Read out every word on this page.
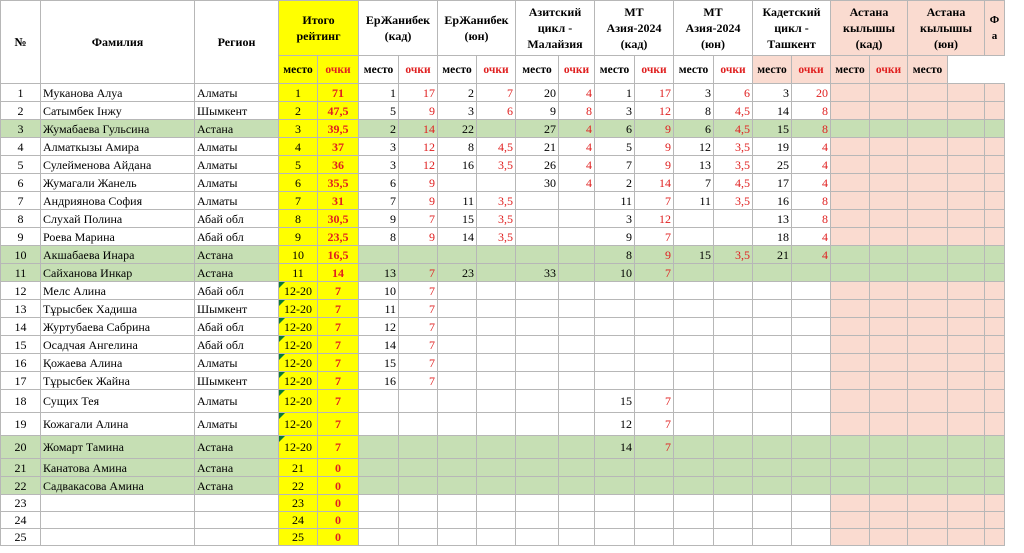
№	Фамилия	Регион	Итого рейтинг		ЕрЖанибек (кад)		ЕрЖанибек (юн)		Азитский цикл - Малайзия		МТ Азия-2024 (кад)		МТ Азия-2024 (юн)		Кадетский цикл - Ташкент		Астана кылышы (кад)		Астана кылышы (юн)		Ф а
			место	очки	место	очки	место	очки	место	очки	место	очки	место	очки	место	очки	место	очки	место		
1	Муканова Алуа	Алматы	1	71	1	17	2	7	20	4	1	17	3	6	3	20					
2	Сатымбек Інжу	Шымкент	2	47,5	5	9	3	6	9	8	3	12	8	4,5	14	8					
3	Жумабаева Гульсина	Астана	3	39,5	2	14	22		27	4	6	9	6	4,5	15	8					
4	Алматкызы Амира	Алматы	4	37	3	12	8	4,5	21	4	5	9	12	3,5	19	4					
5	Сулейменова Айдана	Алматы	5	36	3	12	16	3,5	26	4	7	9	13	3,5	25	4					
6	Жумагали Жанель	Алматы	6	35,5	6	9			30	4	2	14	7	4,5	17	4					
7	Андриянова София	Алматы	7	31	7	9	11	3,5			11	7	11	3,5	16	8					
8	Слухай Полина	Абай обл	8	30,5	9	7	15	3,5			3	12			13	8					
9	Роева Марина	Абай обл	9	23,5	8	9	14	3,5			9	7			18	4					
10	Акшабаева Инара	Астана	10	16,5							8	9	15	3,5	21	4					
11	Сайханова Инкар	Астана	11	14	13	7	23		33		10	7									
12	Мелс Алина	Абай обл	12-20	7	10	7															
13	Тұрысбек Хадиша	Шымкент	12-20	7	11	7															
14	Журтубаева Сабрина	Абай обл	12-20	7	12	7															
15	Осадчая Ангелина	Абай обл	12-20	7	14	7															
16	Қожаева Алина	Алматы	12-20	7	15	7															
17	Тұрысбек Жайна	Шымкент	12-20	7	16	7															
18	Сущих Тея	Алматы	12-20	7							15	7									
19	Кожагали Алина	Алматы	12-20	7							12	7									
20	Жомарт Тамина	Астана	12-20	7							14	7									
21	Канатова Амина	Астана	21	0																	
22	Садвакасова Амина	Астана	22	0																	
23			23	0																	
24			24	0																	
25			25	0																	
